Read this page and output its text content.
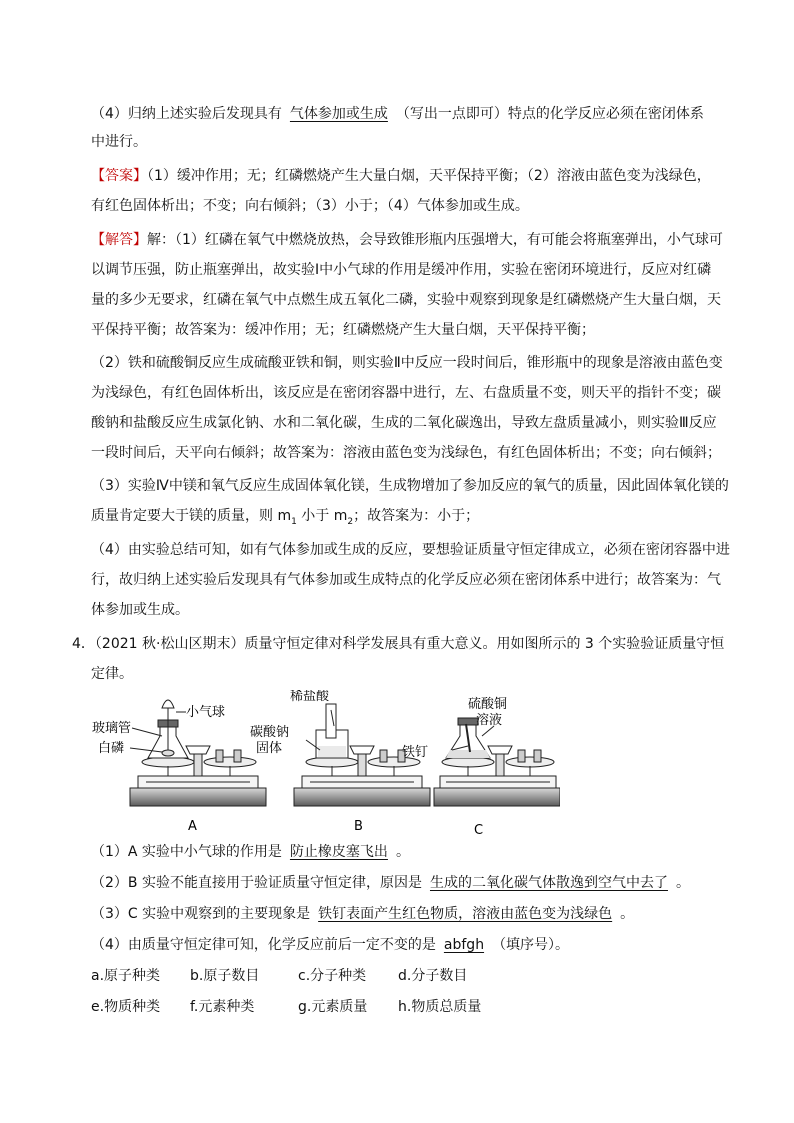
（4）归纳上述实验后发现具有 气体参加或生成 （写出一点即可）特点的化学反应必须在密闭体系
中进行。
【答案】（1）缓冲作用；无；红磷燃烧产生大量白烟，天平保持平衡；（2）溶液由蓝色变为浅绿色，
有红色固体析出；不变；向右倾斜；（3）小于；（4）气体参加或生成。
【解答】解：（1）红磷在氧气中燃烧放热，会导致锥形瓶内压强增大，有可能会将瓶塞弹出，小气球可
以调节压强，防止瓶塞弹出，故实验Ⅰ中小气球的作用是缓冲作用，实验在密闭环境进行，反应对红磷
量的多少无要求，红磷在氧气中点燃生成五氧化二磷，实验中观察到现象是红磷燃烧产生大量白烟，天
平保持平衡；故答案为：缓冲作用；无；红磷燃烧产生大量白烟，天平保持平衡；
（2）铁和硫酸铜反应生成硫酸亚铁和铜，则实验Ⅱ中反应一段时间后，锥形瓶中的现象是溶液由蓝色变
为浅绿色，有红色固体析出，该反应是在密闭容器中进行，左、右盘质量不变，则天平的指针不变；碳
酸钠和盐酸反应生成氯化钠、水和二氧化碳，生成的二氧化碳逸出，导致左盘质量减小，则实验Ⅲ反应
一段时间后，天平向右倾斜；故答案为：溶液由蓝色变为浅绿色，有红色固体析出；不变；向右倾斜；
（3）实验Ⅳ中镁和氧气反应生成固体氧化镁，生成物增加了参加反应的氧气的质量，因此固体氧化镁的
质量肯定要大于镁的质量，则 $m_1$ 小于 $m_2$；故答案为：小于；
（4）由实验总结可知，如有气体参加或生成的反应，要想验证质量守恒定律成立，必须在密闭容器中进
行，故归纳上述实验后发现具有气体参加或生成特点的化学反应必须在密闭体系中进行；故答案为：气
体参加或生成。
4．（2021 秋·松山区期末）质量守恒定律对科学发展具有重大意义。用如图所示的 3 个实验验证质量守恒
定律。
小气球
玻璃管
白磷
A
稀盐酸
碳酸钠
固体
B
硫酸铜
溶液
铁钉
C
（1）A 实验中小气球的作用是 防止橡皮塞飞出 。
（2）B 实验不能直接用于验证质量守恒定律，原因是 生成的二氧化碳气体散逸到空气中去了 。
（3）C 实验中观察到的主要现象是 铁钉表面产生红色物质，溶液由蓝色变为浅绿色 。
（4）由质量守恒定律可知，化学反应前后一定不变的是 abfgh （填序号）。
a.原子种类 b.原子数目	c.分子种类 d.分子数目
e.物质种类 f.元素种类	g.元素质量 h.物质总质量
